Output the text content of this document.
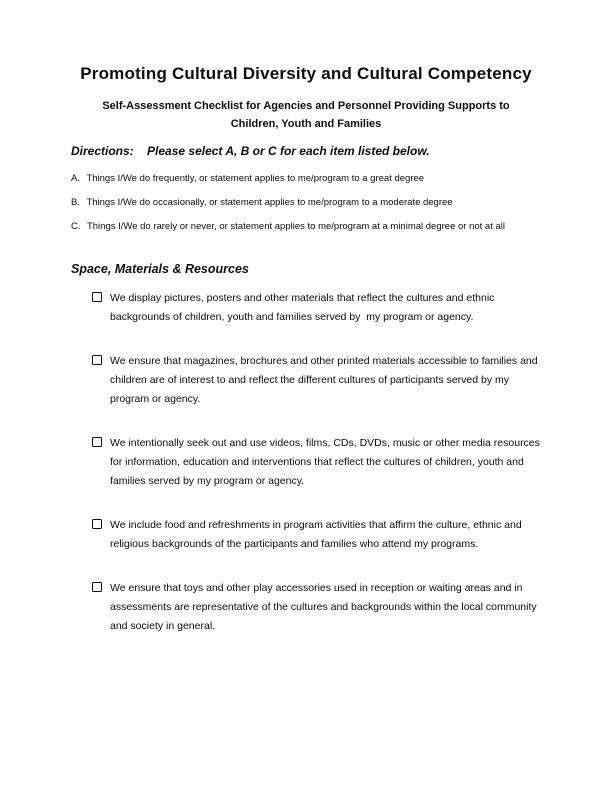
Promoting Cultural Diversity and Cultural Competency
Self-Assessment Checklist for Agencies and Personnel Providing Supports to
Children, Youth and Families
Directions: Please select A, B or C for each item listed below.
A. Things I/We do frequently, or statement applies to me/program to a great degree
B. Things I/We do occasionally, or statement applies to me/program to a moderate degree
C. Things I/We do rarely or never, or statement applies to me/program at a minimal degree or not at all
Space, Materials & Resources
We display pictures, posters and other materials that reflect the cultures and ethnic backgrounds of children, youth and families served by  my program or agency.
We ensure that magazines, brochures and other printed materials accessible to families and children are of interest to and reflect the different cultures of participants served by my program or agency.
We intentionally seek out and use videos, films, CDs, DVDs, music or other media resources for information, education and interventions that reflect the cultures of children, youth and families served by my program or agency.
We include food and refreshments in program activities that affirm the culture, ethnic and religious backgrounds of the participants and families who attend my programs.
We ensure that toys and other play accessories used in reception or waiting areas and in assessments are representative of the cultures and backgrounds within the local community and society in general.
